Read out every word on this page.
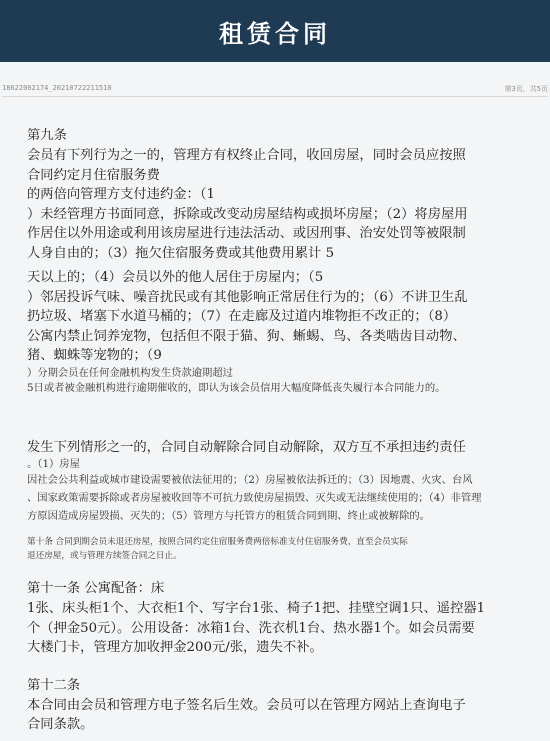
租赁合同
18622002174_20210722211510	第3页，共5页

第九条

会员有下列行为之一的，管理方有权终止合同，收回房屋，同时会员应按照

合同约定月住宿服务费

的两倍向管理方支付违约金：（1

）未经管理方书面同意，拆除或改变动房屋结构或损坏房屋；（2）将房屋用

作居住以外用途或利用该房屋进行违法活动、或因刑事、治安处罚等被限制

人身自由的；（3）拖欠住宿服务费或其他费用累计 5

天以上的；（4）会员以外的他人居住于房屋内；（5

）邻居投诉气味、噪音扰民或有其他影响正常居住行为的；（6）不讲卫生乱

扔垃圾、堵塞下水道马桶的；（7）在走廊及过道内堆物拒不改正的；（8）

公寓内禁止饲养宠物，包括但不限于猫、狗、蜥蜴、鸟、各类啮齿目动物、

猪、蜘蛛等宠物的；（9

）分期会员在任何金融机构发生贷款逾期超过

5日或者被金融机构进行逾期催收的，即认为该会员信用大幅度降低丧失履行本合同能力的。

发生下列情形之一的，合同自动解除合同自动解除，双方互不承担违约责任

。（1）房屋

因社会公共利益或城市建设需要被依法征用的；（2）房屋被依法拆迁的；（3）因地震、火灾、台风

、国家政策需要拆除或者房屋被收回等不可抗力致使房屋损毁、灭失或无法继续使用的；（4）非管理

方原因造成房屋毁损、灭失的；（5）管理方与托管方的租赁合同到期、终止或被解除的。

第十条 合同到期会员未退还房屋，按照合同约定住宿服务费两倍标准支付住宿服务费，直至会员实际

退还房屋，或与管理方续签合同之日止。

第十一条 公寓配备：床

1张、床头柜1个、大衣柜1个、写字台1张、椅子1把、挂壁空调1只、遥控器1

个（押金50元）。公用设备：冰箱1台、洗衣机1台、热水器1个。如会员需要

大楼门卡，管理方加收押金200元/张，遗失不补。

第十二条

本合同由会员和管理方电子签名后生效。会员可以在管理方网站上查询电子

合同条款。
